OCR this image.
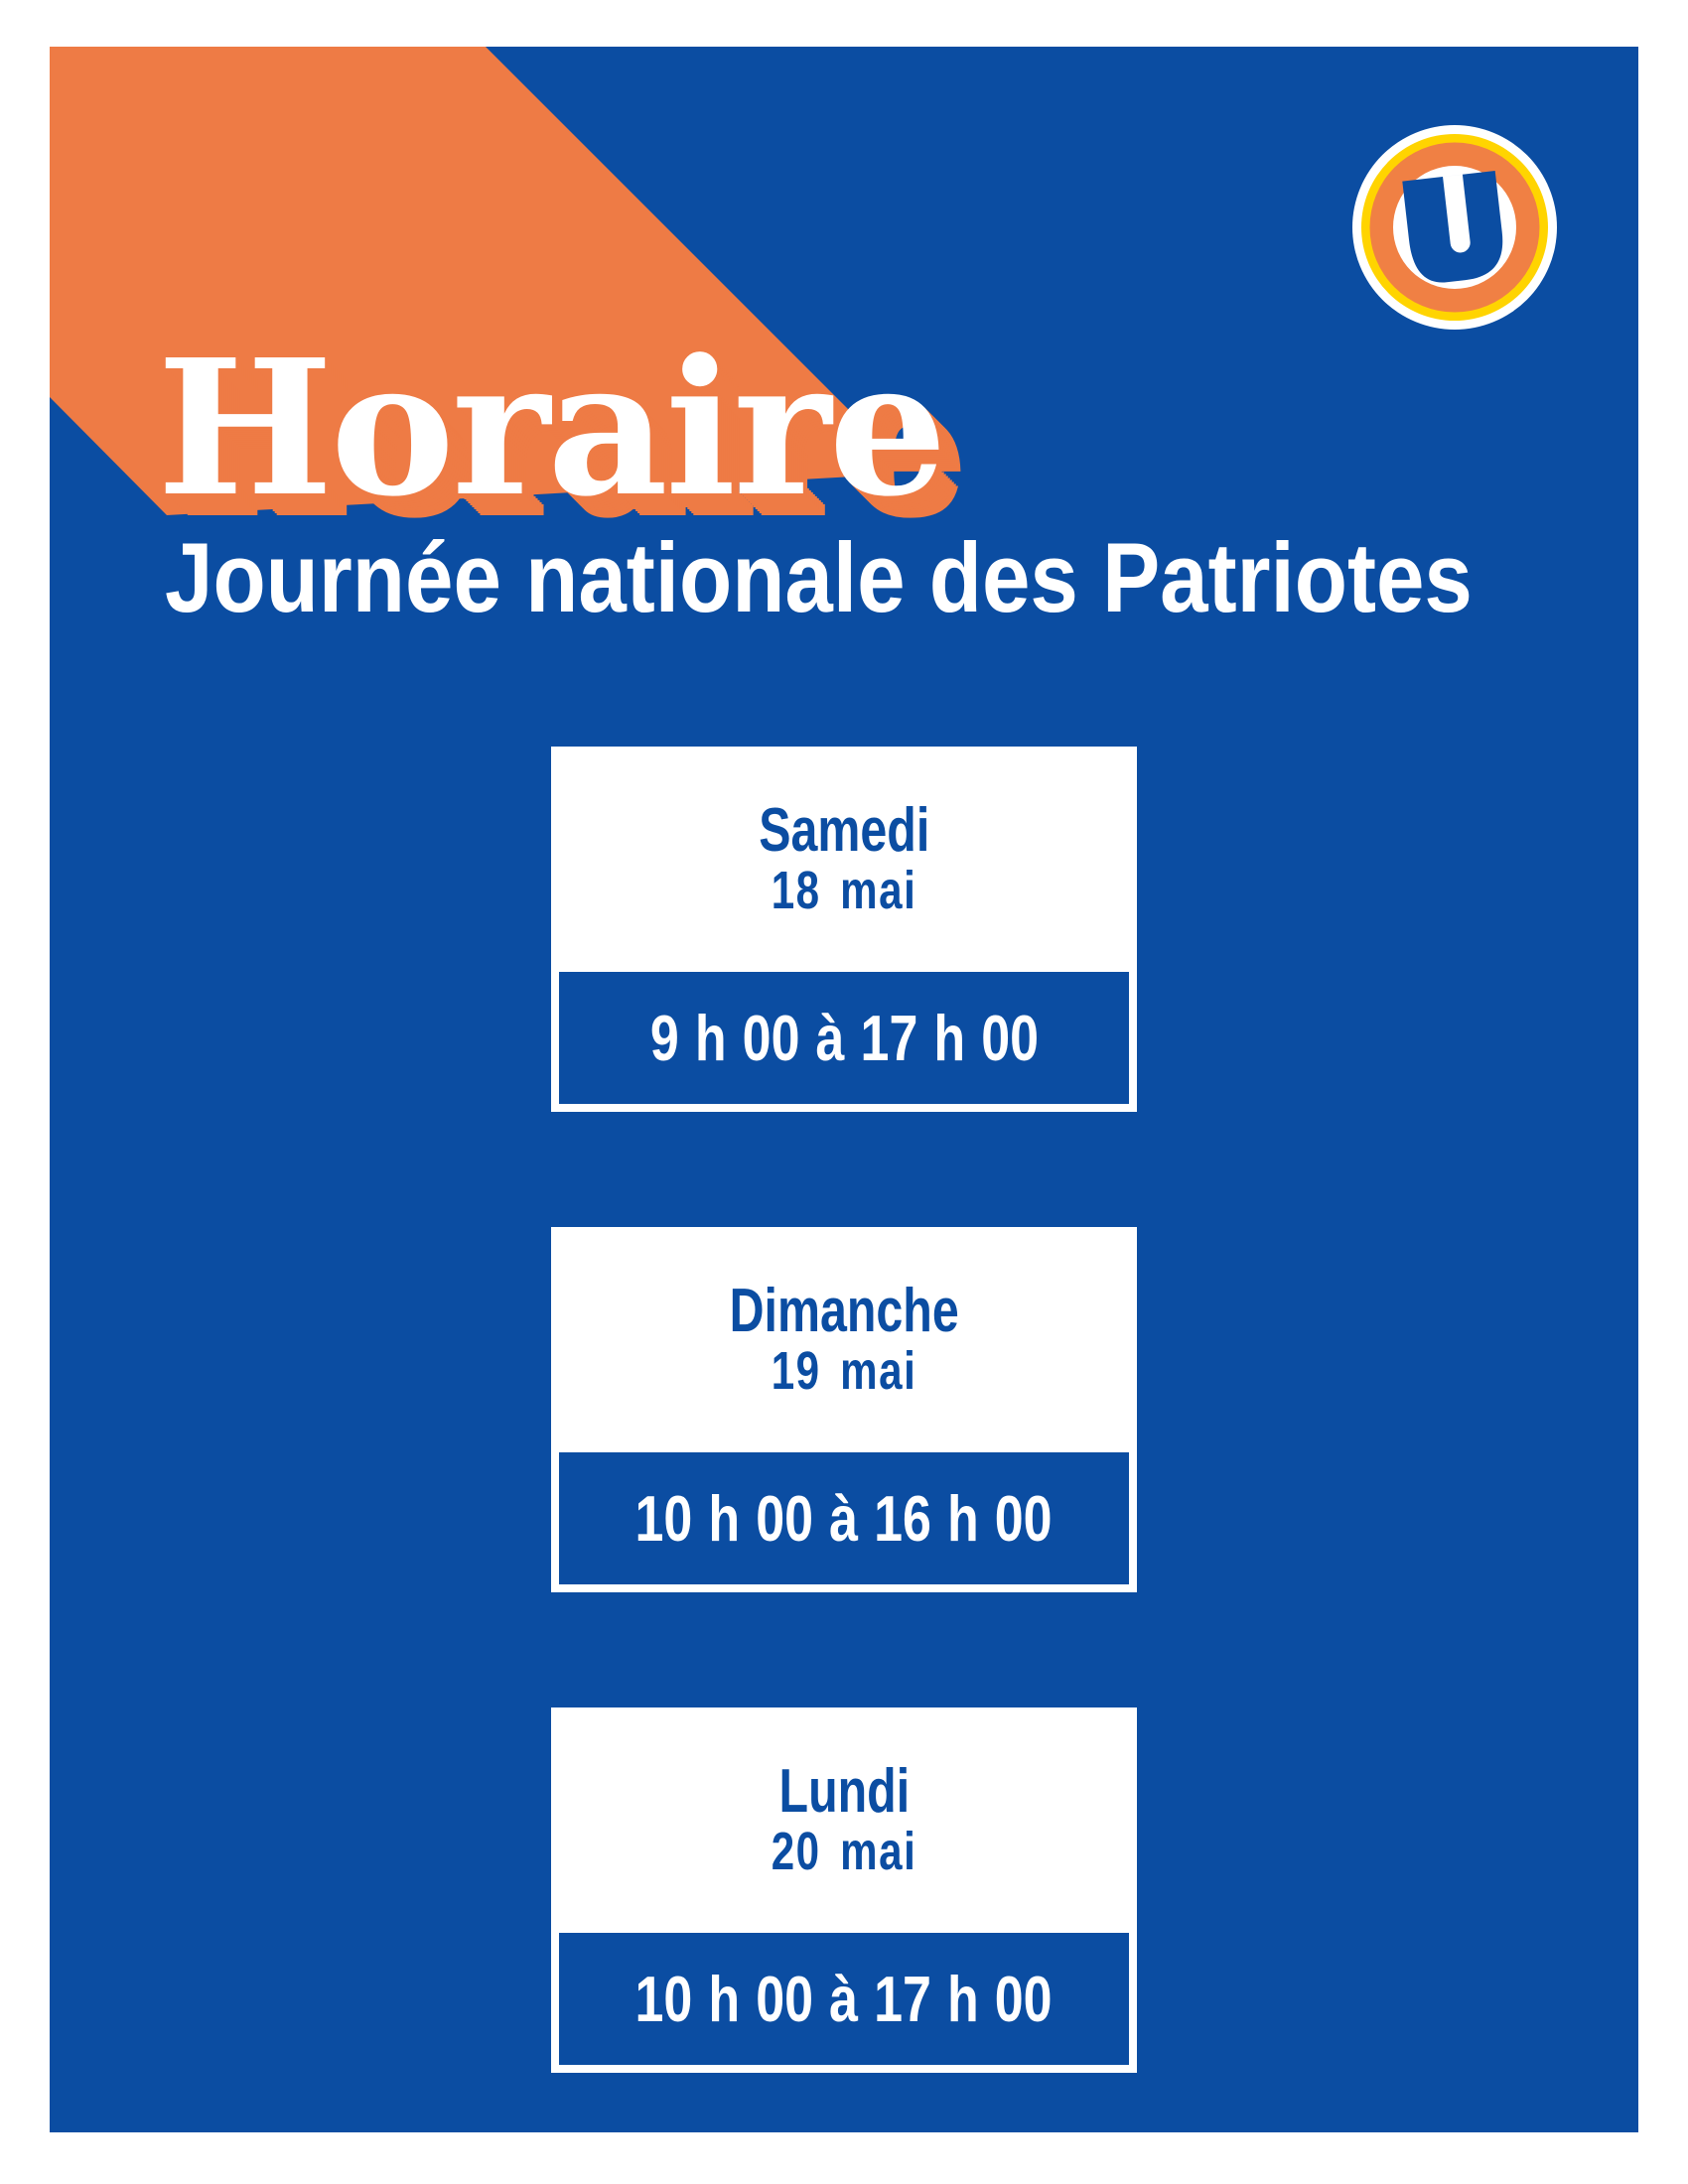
Horaire
Journée nationale des Patriotes
Samedi
18 mai
9 h 00 à 17 h 00
Dimanche
19 mai
10 h 00 à 16 h 00
Lundi
20 mai
10 h 00 à 17 h 00
